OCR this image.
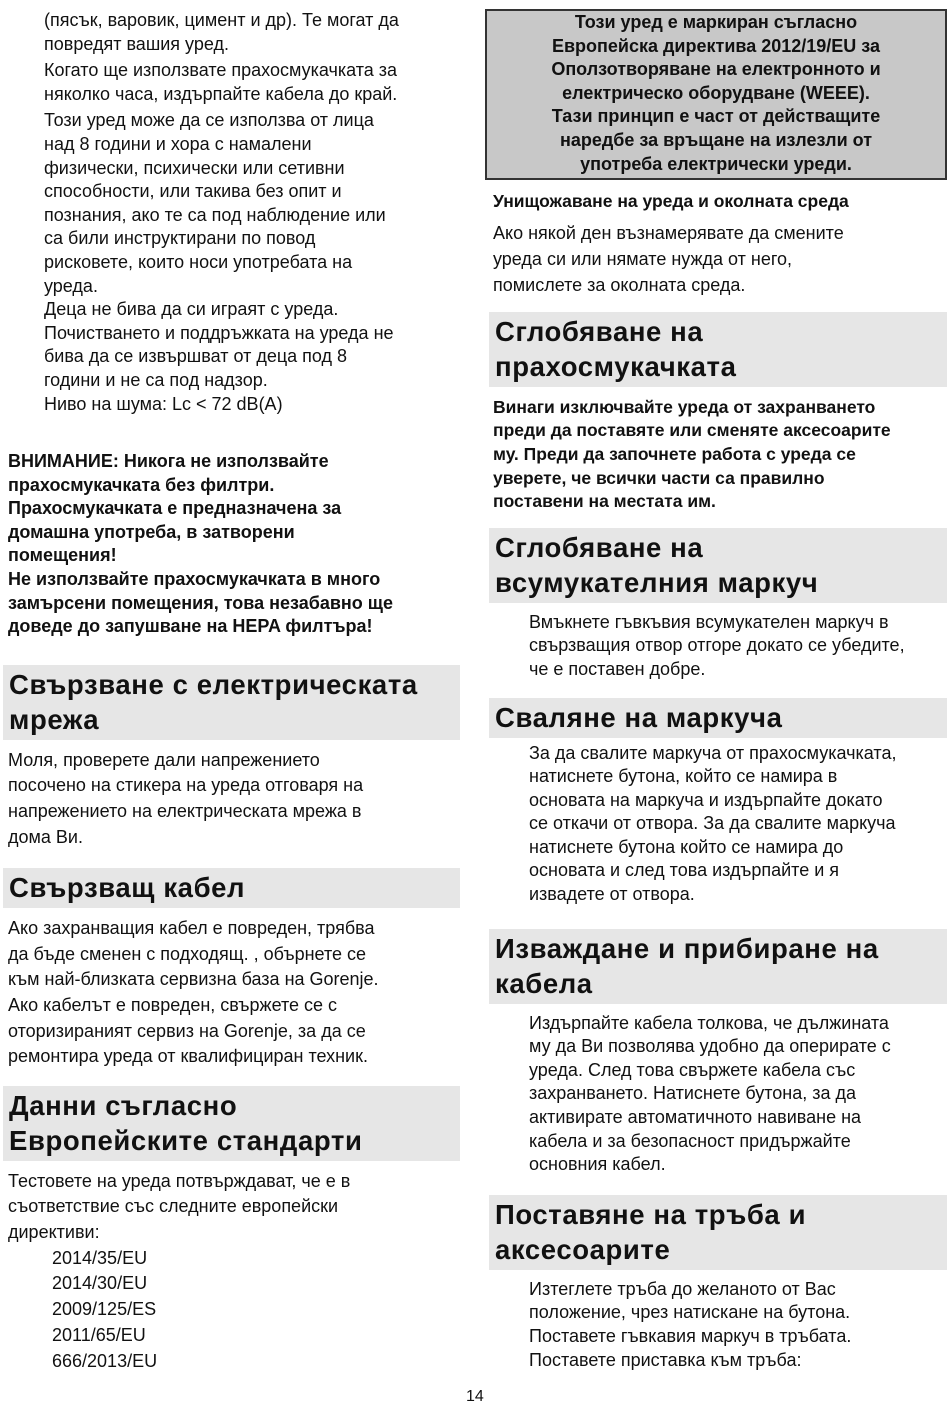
(пясък, варовик, цимент и др). Те могат да
повредят вашия уред.
Когато ще използвате прахосмукачката за
няколко часа, издърпайте кабела до край.
Този уред може да се използва от лица
над 8 години и хора с намалени
физически, психически или сетивни
способности, или такива без опит и
познания, ако те са под наблюдение или
са били инструктирани по повод
рисковете, които носи употребата на
уреда.
Деца не бива да си играят с уреда.
Почистването и поддръжката на уреда не
бива да се извършват от деца под 8
години и не са под надзор.
Ниво на шума: Lc < 72 dB(A)
ВНИМАНИЕ: Никога не използвайте
прахосмукачката без филтри.
Прахосмукачката е предназначена за
домашна употреба, в затворени
помещения!
Не използвайте прахосмукачката в много
замърсени помещения, това незабавно ще
доведе до запушване на HEPA филтъра!
Свързване с електрическата
мрежа
Моля, проверете дали напрежението
посочено на стикера на уреда отговаря на
напрежението на електрическата мрежа в
дома Ви.
Свързващ кабел
Ако захранващия кабел е повреден, трябва
да бъде сменен с подходящ. , обърнете се
към най-близката сервизна база на Gorenje.
Ако кабелът е повреден, свържете се с
оторизираният сервиз на Gorenje, за да се
ремонтира уреда от квалифициран техник.
Данни съгласно
Европейските стандарти
Тестовете на уреда потвърждават, че е в
съответствие със следните европейски
директиви:
2014/35/EU
2014/30/EU
2009/125/ES
2011/65/EU
666/2013/EU
Този уред е маркиран съгласно
Европейска директива 2012/19/EU за
Оползотворяване на електронното и
електрическо оборудване (WEEE).
Тази принцип е част от действащите
наредбе за връщане на излезли от
употреба електрически уреди.
Унищожаване на уреда и околната среда
Ако някой ден възнамерявате да смените
уреда си или нямате нужда от него,
помислете за околната среда.
Сглобяване на
прахосмукачката
Винаги изключвайте уреда от захранването
преди да поставяте или сменяте аксесоарите
му. Преди да започнете работа с уреда се
уверете, че всички части са правилно
поставени на местата им.
Сглобяване на
всумукателния маркуч
Вмъкнете гъвкъвия всумукателен маркуч в
свързващия отвор отгоре докато се убедите,
че е поставен добре.
Сваляне на маркуча
За да свалите маркуча от прахосмукачката,
натиснете бутона, който се намира в
основата на маркуча и издърпайте докато
се откачи от отвора. За да свалите маркуча
натиснете бутона който се намира до
основата и след това издърпайте и я
извадете от отвора.
Изваждане и прибиране на
кабела
Издърпайте кабела толкова, че дължината
му да Ви позволява удобно да оперирате с
уреда. След това свържете кабела със
захранването. Натиснете бутона, за да
активирате автоматичното навиване на
кабела и за безопасност придържайте
основния кабел.
Поставяне на тръба и
аксесоарите
Изтеглете тръба до желаното от Вас
положение, чрез натискане на бутона.
Поставете гъвкавия маркуч в тръбата.
Поставете приставка към тръба:
14
